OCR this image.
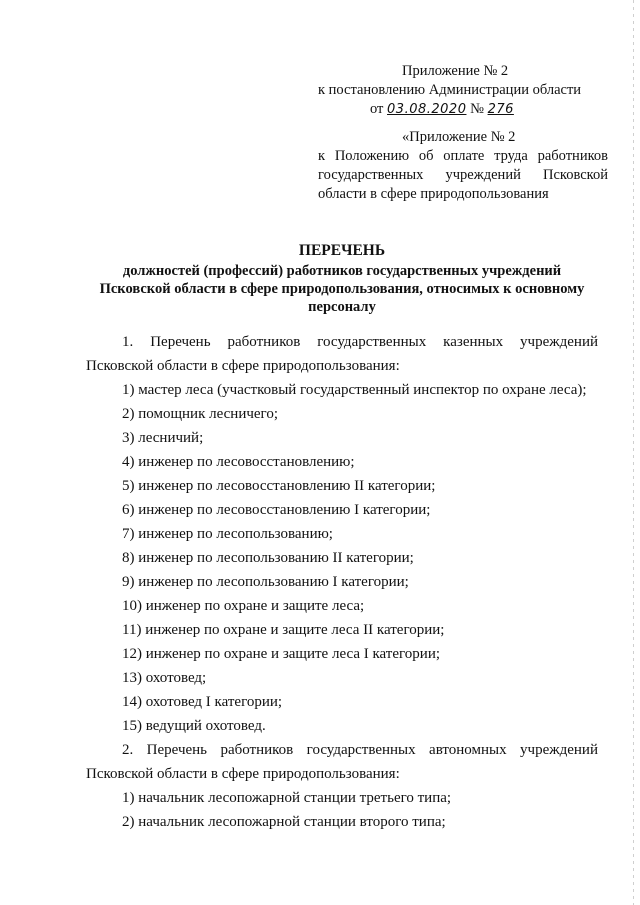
Приложение № 2
к постановлению Администрации области
от 03.08.2020 № 276
«Приложение № 2
к Положению об оплате труда работников
государственных учреждений Псковской
области в сфере природопользования
ПЕРЕЧЕНЬ
должностей (профессий) работников государственных учреждений
Псковской области в сфере природопользования, относимых к основному
персоналу

1. Перечень работников государственных казенных учреждений Псковской области в сфере природопользования:

1) мастер леса (участковый государственный инспектор по охране леса);

2) помощник лесничего;

3) лесничий;

4) инженер по лесовосстановлению;

5) инженер по лесовосстановлению II категории;

6) инженер по лесовосстановлению I категории;

7) инженер по лесопользованию;

8) инженер по лесопользованию II категории;

9) инженер по лесопользованию I категории;

10) инженер по охране и защите леса;

11) инженер по охране и защите леса II категории;

12) инженер по охране и защите леса I категории;

13) охотовед;

14) охотовед I категории;

15) ведущий охотовед.

2. Перечень работников государственных автономных учреждений Псковской области в сфере природопользования:

1) начальник лесопожарной станции третьего типа;

2) начальник лесопожарной станции второго типа;
